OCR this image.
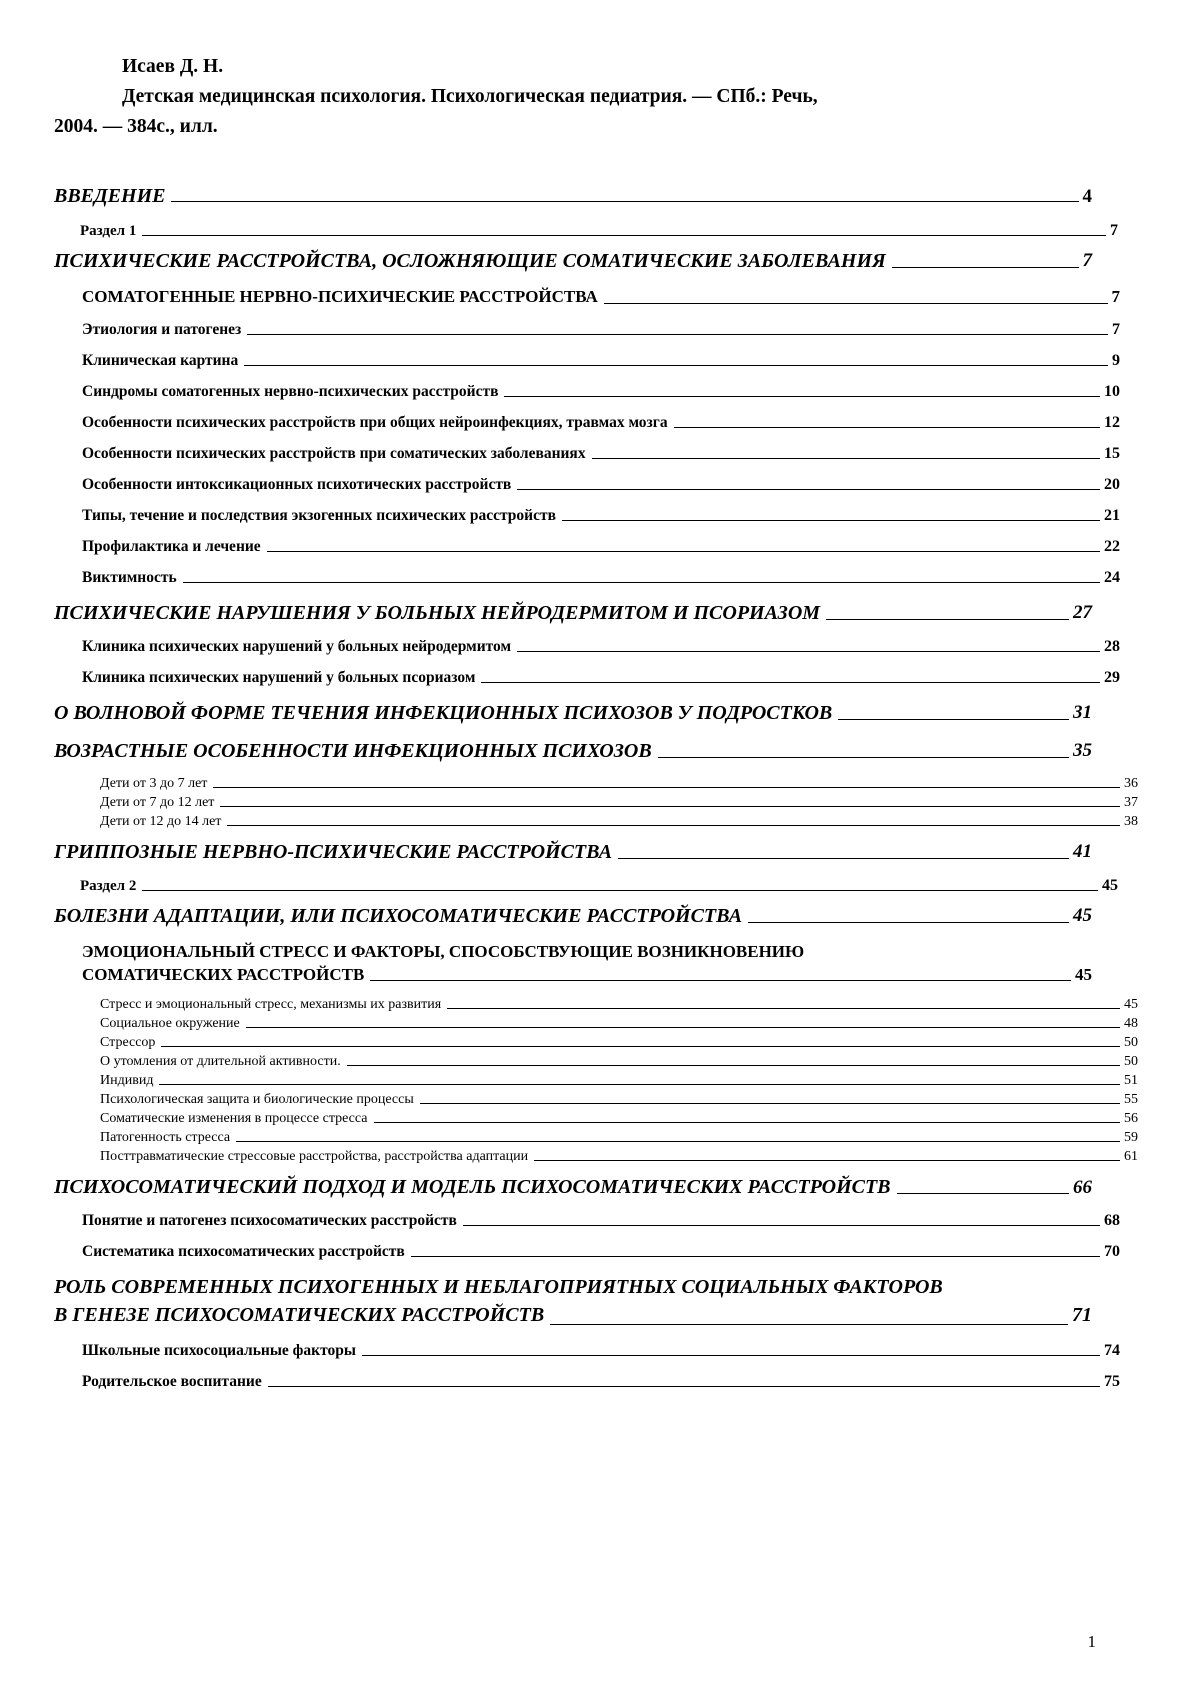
Исаев Д. Н.
Детская медицинская психология. Психологическая педиатрия. — СПб.: Речь,
2004. — 384с., илл.
ВВЕДЕНИЕ	4
Раздел 1	7
ПСИХИЧЕСКИЕ РАССТРОЙСТВА, ОСЛОЖНЯЮЩИЕ СОМАТИЧЕСКИЕ ЗАБОЛЕВАНИЯ	7
СОМАТОГЕННЫЕ НЕРВНО-ПСИХИЧЕСКИЕ РАССТРОЙСТВА	7
Этиология и патогенез	7
Клиническая картина	9
Синдромы соматогенных нервно-психических расстройств	10
Особенности психических расстройств при общих нейроинфекциях, травмах мозга	12
Особенности психических расстройств при соматических заболеваниях	15
Особенности интоксикационных психотических расстройств	20
Типы, течение и последствия экзогенных психических расстройств	21
Профилактика и лечение	22
Виктимность	24
ПСИХИЧЕСКИЕ НАРУШЕНИЯ У БОЛЬНЫХ НЕЙРОДЕРМИТОМ И ПСОРИАЗОМ	27
Клиника психических нарушений у больных нейродермитом	28
Клиника психических нарушений у больных псориазом	29
О ВОЛНОВОЙ ФОРМЕ ТЕЧЕНИЯ ИНФЕКЦИОННЫХ ПСИХОЗОВ У ПОДРОСТКОВ	31
ВОЗРАСТНЫЕ ОСОБЕННОСТИ ИНФЕКЦИОННЫХ ПСИХОЗОВ	35
Дети от 3 до 7 лет	36
Дети от 7 до 12 лет	37
Дети от 12 до 14 лет	38
ГРИППОЗНЫЕ НЕРВНО-ПСИХИЧЕСКИЕ РАССТРОЙСТВА	41
Раздел 2	45
БОЛЕЗНИ АДАПТАЦИИ, ИЛИ ПСИХОСОМАТИЧЕСКИЕ РАССТРОЙСТВА	45
ЭМОЦИОНАЛЬНЫЙ СТРЕСС И ФАКТОРЫ, СПОСОБСТВУЮЩИЕ ВОЗНИКНОВЕНИЮ
СОМАТИЧЕСКИХ РАССТРОЙСТВ	45
Стресс и эмоциональный стресс, механизмы их развития	45
Социальное окружение	48
Стрессор	50
О утомления от длительной активности.	50
Индивид	51
Психологическая защита и биологические процессы	55
Соматические изменения в процессе стресса	56
Патогенность стресса	59
Посттравматические стрессовые расстройства, расстройства адаптации	61
ПСИХОСОМАТИЧЕСКИЙ ПОДХОД И МОДЕЛЬ ПСИХОСОМАТИЧЕСКИХ РАССТРОЙСТВ	66
Понятие и патогенез психосоматических расстройств	68
Систематика психосоматических расстройств	70
РОЛЬ СОВРЕМЕННЫХ ПСИХОГЕННЫХ И НЕБЛАГОПРИЯТНЫХ СОЦИАЛЬНЫХ ФАКТОРОВ
В ГЕНЕЗЕ ПСИХОСОМАТИЧЕСКИХ РАССТРОЙСТВ	71
Школьные психосоциальные факторы	74
Родительское воспитание	75
1
